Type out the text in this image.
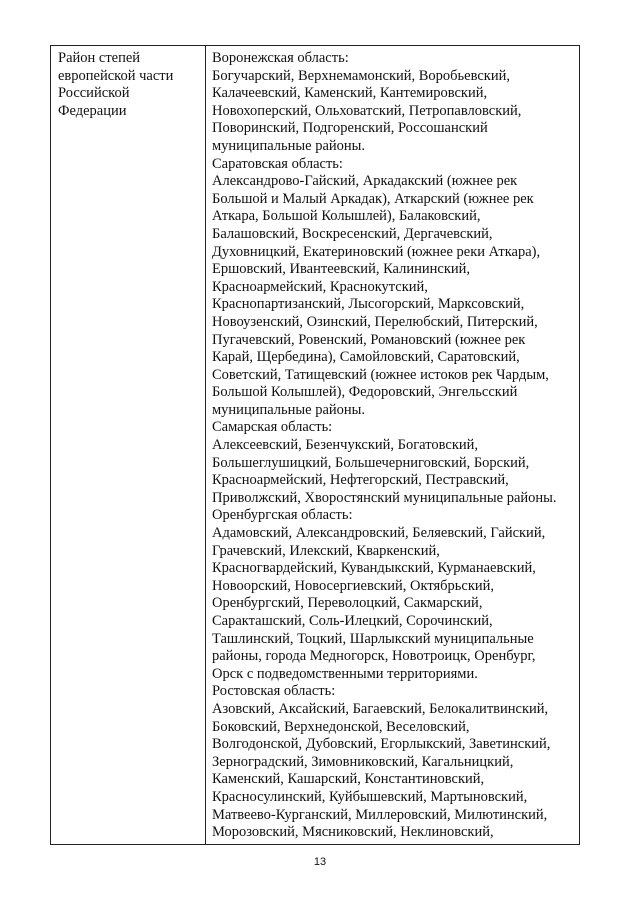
Район степей
европейской части
Российской
Федерации
Воронежская область:
Богучарский, Верхнемамонский, Воробьевский,
Калачеевский, Каменский, Кантемировский,
Новохоперский, Ольховатский, Петропавловский,
Поворинский, Подгоренский, Россошанский
муниципальные районы.
Саратовская область:
Александрово-Гайский, Аркадакский (южнее рек
Большой и Малый Аркадак), Аткарский (южнее рек
Аткара, Большой Колышлей), Балаковский,
Балашовский, Воскресенский, Дергачевский,
Духовницкий, Екатериновский (южнее реки Аткара),
Ершовский, Ивантеевский, Калининский,
Красноармейский, Краснокутский,
Краснопартизанский, Лысогорский, Марксовский,
Новоузенский, Озинский, Перелюбский, Питерский,
Пугачевский, Ровенский, Романовский (южнее рек
Карай, Щербедина), Самойловский, Саратовский,
Советский, Татищевский (южнее истоков рек Чардым,
Большой Колышлей), Федоровский, Энгельсский
муниципальные районы.
Самарская область:
Алексеевский, Безенчукский, Богатовский,
Большеглушицкий, Большечерниговский, Борский,
Красноармейский, Нефтегорский, Пестравский,
Приволжский, Хворостянский муниципальные районы.
Оренбургская область:
Адамовский, Александровский, Беляевский, Гайский,
Грачевский, Илекский, Кваркенский,
Красногвардейский, Кувандыкский, Курманаевский,
Новоорский, Новосергиевский, Октябрьский,
Оренбургский, Переволоцкий, Сакмарский,
Саракташский, Соль-Илецкий, Сорочинский,
Ташлинский, Тоцкий, Шарлыкский муниципальные
районы, города Медногорск, Новотроицк, Оренбург,
Орск с подведомственными территориями.
Ростовская область:
Азовский, Аксайский, Багаевский, Белокалитвинский,
Боковский, Верхнедонской, Веселовский,
Волгодонской, Дубовский, Егорлыкский, Заветинский,
Зерноградский, Зимовниковский, Кагальницкий,
Каменский, Кашарский, Константиновский,
Красносулинский, Куйбышевский, Мартыновский,
Матвеево-Курганский, Миллеровский, Милютинский,
Морозовский, Мясниковский, Неклиновский,
13
